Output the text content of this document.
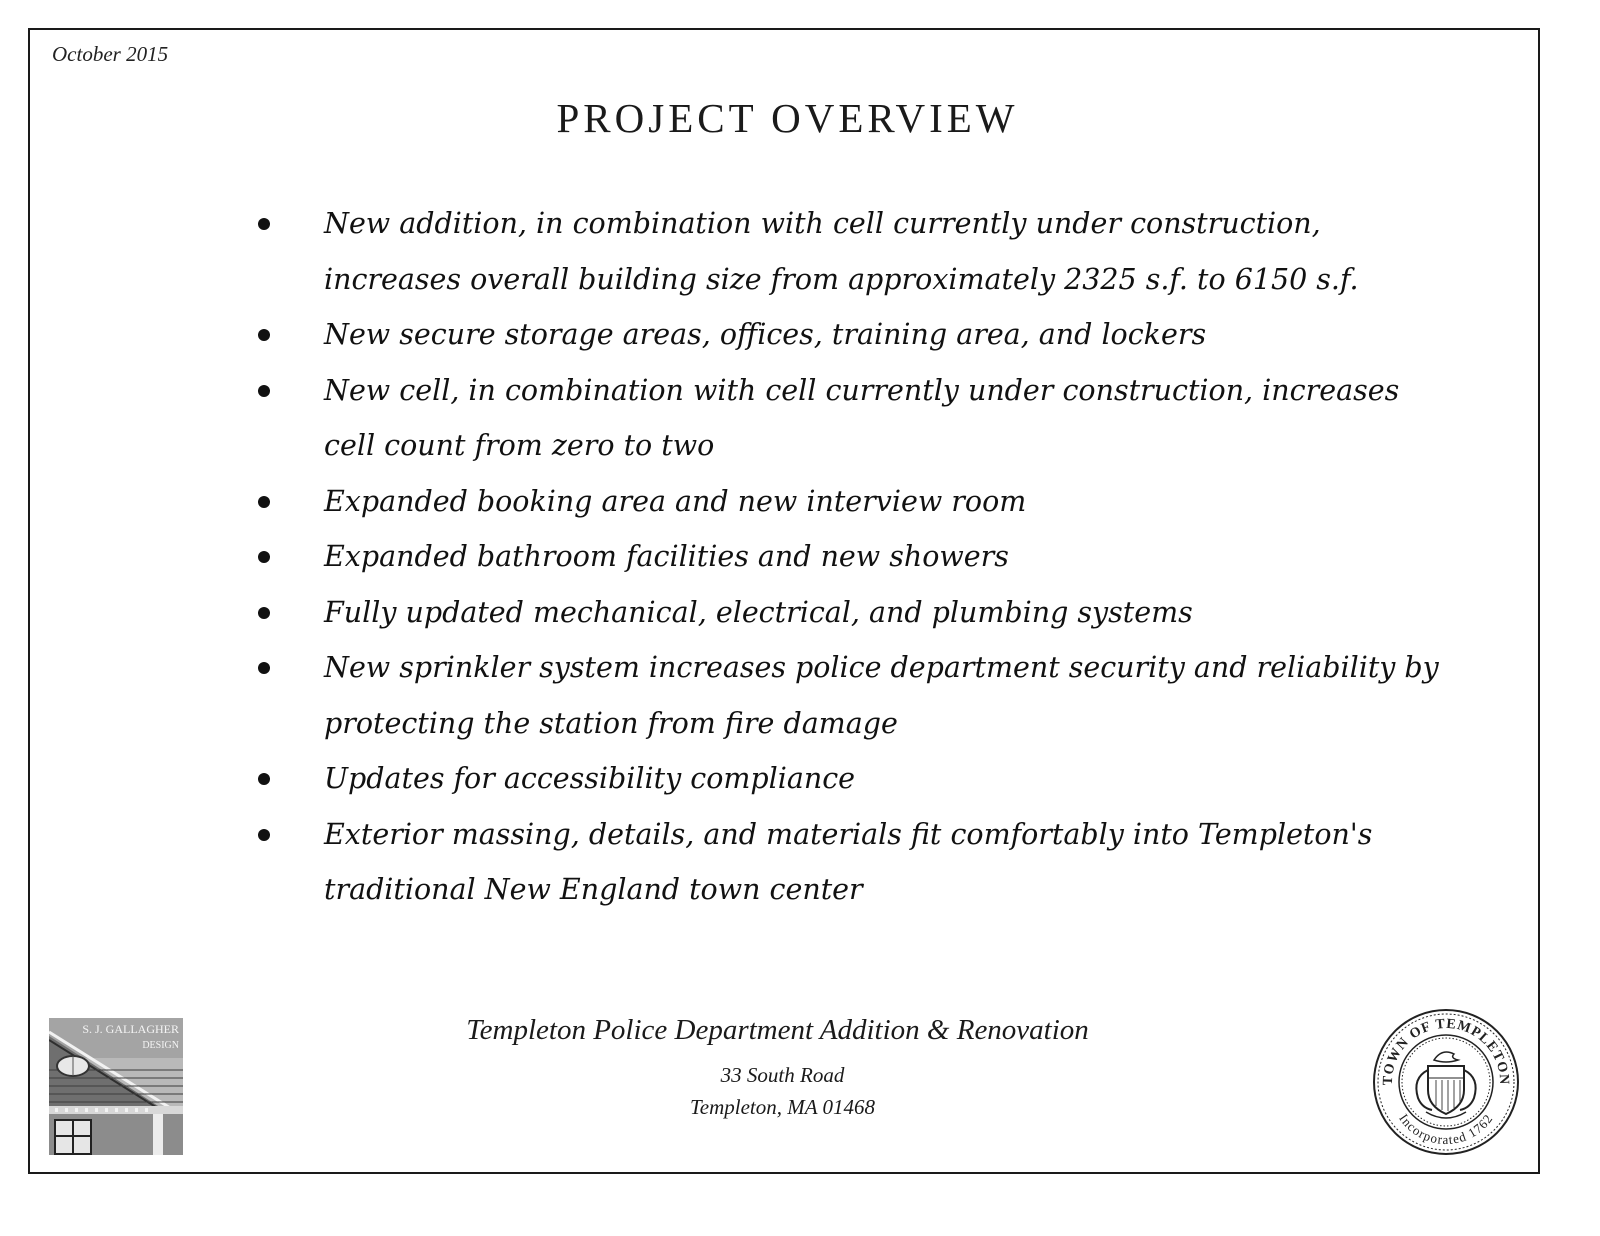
October 2015
PROJECT OVERVIEW
New addition, in combination with cell currently under construction, increases overall building size from approximately 2325 s.f. to 6150 s.f.
New secure storage areas, offices, training area, and lockers
New cell, in combination with cell currently under construction, increases cell count from zero to two
Expanded booking area and new interview room
Expanded bathroom facilities and new showers
Fully updated mechanical, electrical, and plumbing systems
New sprinkler system increases police department security and reliability by protecting the station from fire damage
Updates for accessibility compliance
Exterior massing, details, and materials fit comfortably into Templeton's traditional New England town center
S. J. GALLAGHER
DESIGN	Templeton Police Department Addition & Renovation
33 South Road
Templeton, MA 01468
TOWN OF TEMPLETON
Incorporated 1762
